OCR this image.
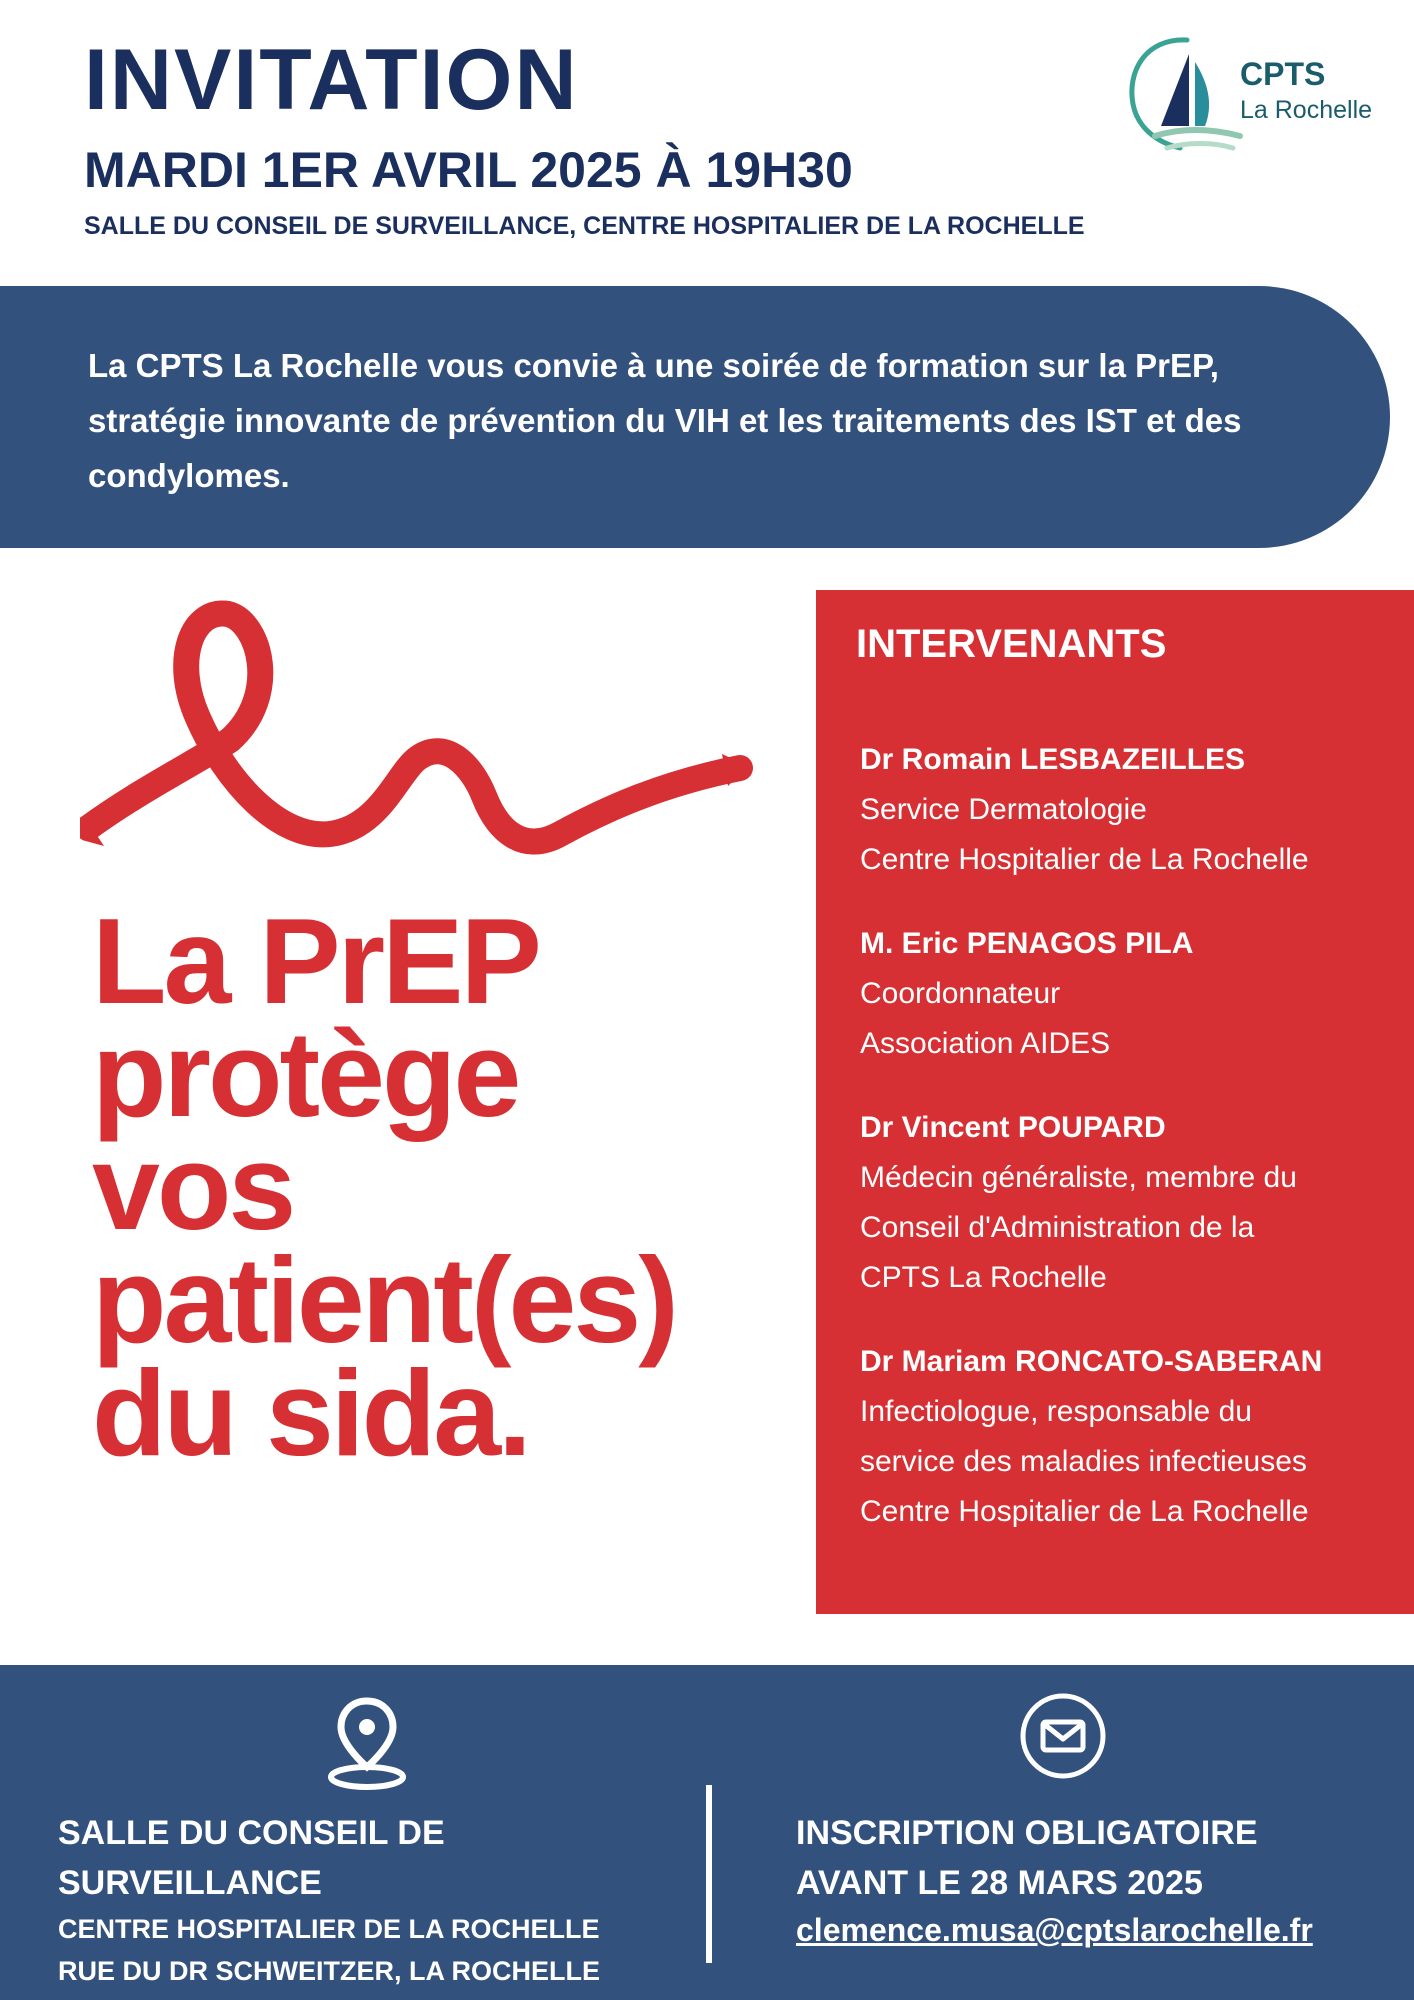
INVITATION
MARDI 1ER AVRIL 2025 À 19H30

SALLE DU CONSEIL DE SURVEILLANCE, CENTRE HOSPITALIER DE LA ROCHELLE

CPTS
La Rochelle

La CPTS La Rochelle vous convie à une soirée de formation sur la PrEP, stratégie innovante de prévention du VIH et les traitements des IST et des condylomes.

La PrEP
protège
vos
patient(es)
du sida.
INTERVENANTS
Dr Romain LESBAZEILLES
Service Dermatologie
Centre Hospitalier de La Rochelle
M. Eric PENAGOS PILA
Coordonnateur
Association AIDES
Dr Vincent POUPARD
Médecin généraliste, membre du
Conseil d'Administration de la
CPTS La Rochelle
Dr Mariam RONCATO-SABERAN
Infectiologue, responsable du
service des maladies infectieuses
Centre Hospitalier de La Rochelle
SALLE DU CONSEIL DE SURVEILLANCE
CENTRE HOSPITALIER DE LA ROCHELLE
RUE DU DR SCHWEITZER, LA ROCHELLE
INSCRIPTION OBLIGATOIRE
AVANT LE 28 MARS 2025
clemence.musa@cptslarochelle.fr
